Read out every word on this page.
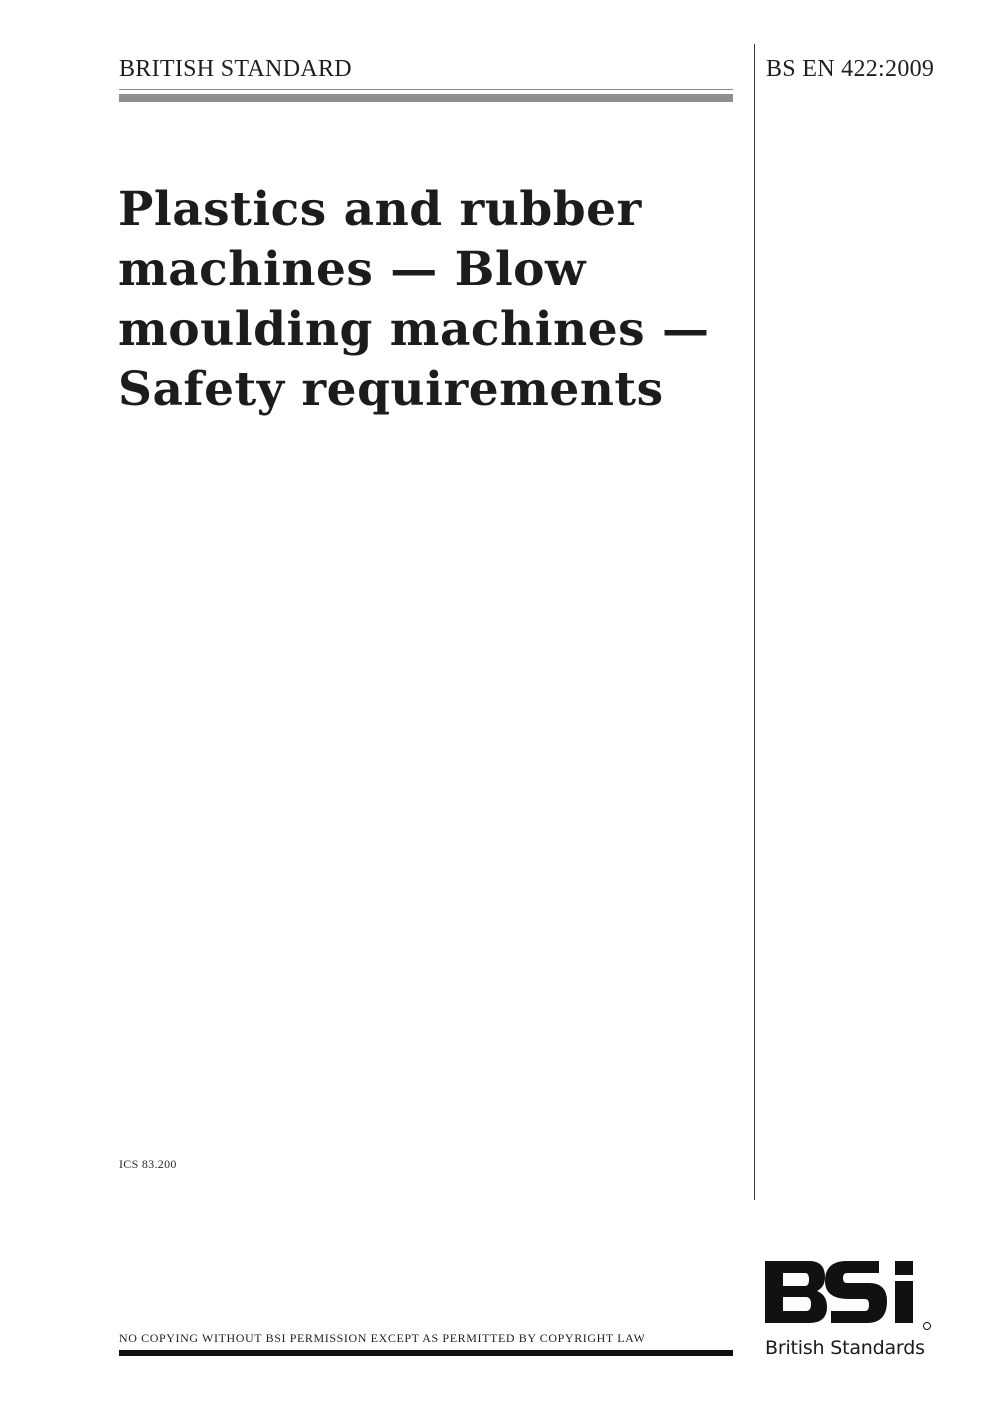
BRITISH STANDARD	BS EN 422:2009
Plastics and rubber
machines — Blow
moulding machines —
Safety requirements
ICS 83.200
NO COPYING WITHOUT BSI PERMISSION EXCEPT AS PERMITTED BY COPYRIGHT LAW	British Standards
